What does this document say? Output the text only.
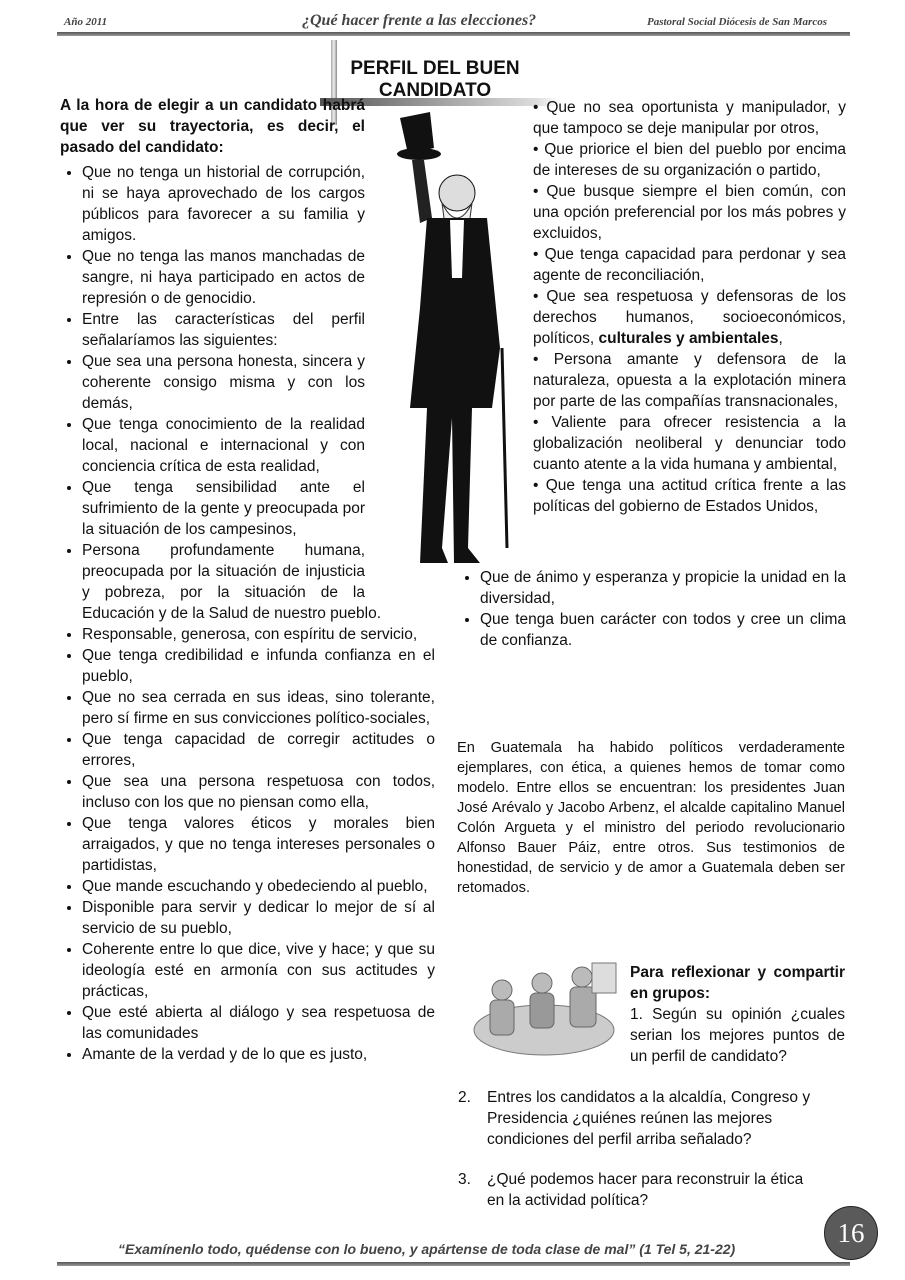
Año 2011	¿Qué hacer frente a las elecciones?	Pastoral Social Diócesis de San Marcos
PERFIL DEL BUEN
CANDIDATO

A la hora de elegir a un candidato habrá que ver su trayectoria, es decir, el pasado del candidato:

• Que no tenga un historial de corrupción, ni se haya aprovechado de los cargos públicos para favorecer a su familia y amigos.
• Que no tenga las manos manchadas de sangre, ni haya participado en actos de represión o de genocidio.
• Entre las características del perfil señalaríamos las siguientes:
• Que sea una persona honesta, sincera y coherente consigo misma y con los demás,
• Que tenga conocimiento de la realidad local, nacional e internacional y con conciencia crítica de esta realidad,
• Que tenga sensibilidad ante el sufrimiento de la gente y preocupada por la situación de los campesinos,
• Persona profundamente humana, preocupada por la situación de injusticia y pobreza, por la situación de la Educación y de la Salud de nuestro pueblo.
• Responsable, generosa, con espíritu de servicio,
• Que tenga credibilidad e infunda confianza en el pueblo,
• Que no sea cerrada en sus ideas, sino tolerante, pero sí firme en sus convicciones político-sociales,
• Que tenga capacidad de corregir actitudes o errores,
• Que sea una persona respetuosa con todos, incluso con los que no piensan como ella,
• Que tenga valores éticos y morales bien arraigados, y que no tenga intereses personales o partidistas,
• Que mande escuchando y obedeciendo al pueblo,
• Disponible para servir y dedicar lo mejor de sí al servicio de su pueblo,
• Coherente entre lo que dice, vive y hace; y que su ideología esté en armonía con sus actitudes y prácticas,
• Que esté abierta al diálogo y sea respetuosa de las comunidades
• Amante de la verdad y de lo que es justo,

• Que no sea oportunista y manipulador, y que tampoco se deje manipular por otros,

• Que priorice el bien del pueblo por encima de intereses de su organización o partido,

• Que busque siempre el bien común, con una opción preferencial por los más pobres y excluidos,

• Que tenga capacidad para perdonar y sea agente de reconciliación,

• Que sea respetuosa y defensoras de los derechos humanos, socioeconómicos, políticos, culturales y ambientales,

• Persona amante y defensora de la naturaleza, opuesta a la explotación minera por parte de las compañías transnacionales,

• Valiente para ofrecer resistencia a la globalización neoliberal y denunciar todo cuanto atente a la vida humana y ambiental,

• Que tenga una actitud crítica frente a las políticas del gobierno de Estados Unidos,

• Que de ánimo y esperanza y propicie la unidad en la diversidad,
• Que tenga buen carácter con todos y cree un clima de confianza.
En Guatemala ha habido políticos verdaderamente ejemplares, con ética, a quienes hemos de tomar como modelo. Entre ellos se encuentran: los presidentes Juan José Arévalo y Jacobo Arbenz, el alcalde capitalino Manuel Colón Argueta y el ministro del periodo revolucionario Alfonso Bauer Páiz, entre otros. Sus testimonios de honestidad, de servicio y de amor a Guatemala deben ser retomados.
Para reflexionar y compartir en grupos:
1. Según su opinión ¿cuales serian los mejores puntos de un perfil de candidato?
2.	Entres los candidatos a la alcaldía, Congreso y Presidencia ¿quiénes reúnen las mejores condiciones del perfil arriba señalado?
3.	¿Qué podemos hacer para reconstruir la ética en la actividad política?
16
“Examínenlo todo, quédense con lo bueno, y apártense de toda clase de mal” (1 Tel 5, 21-22)
